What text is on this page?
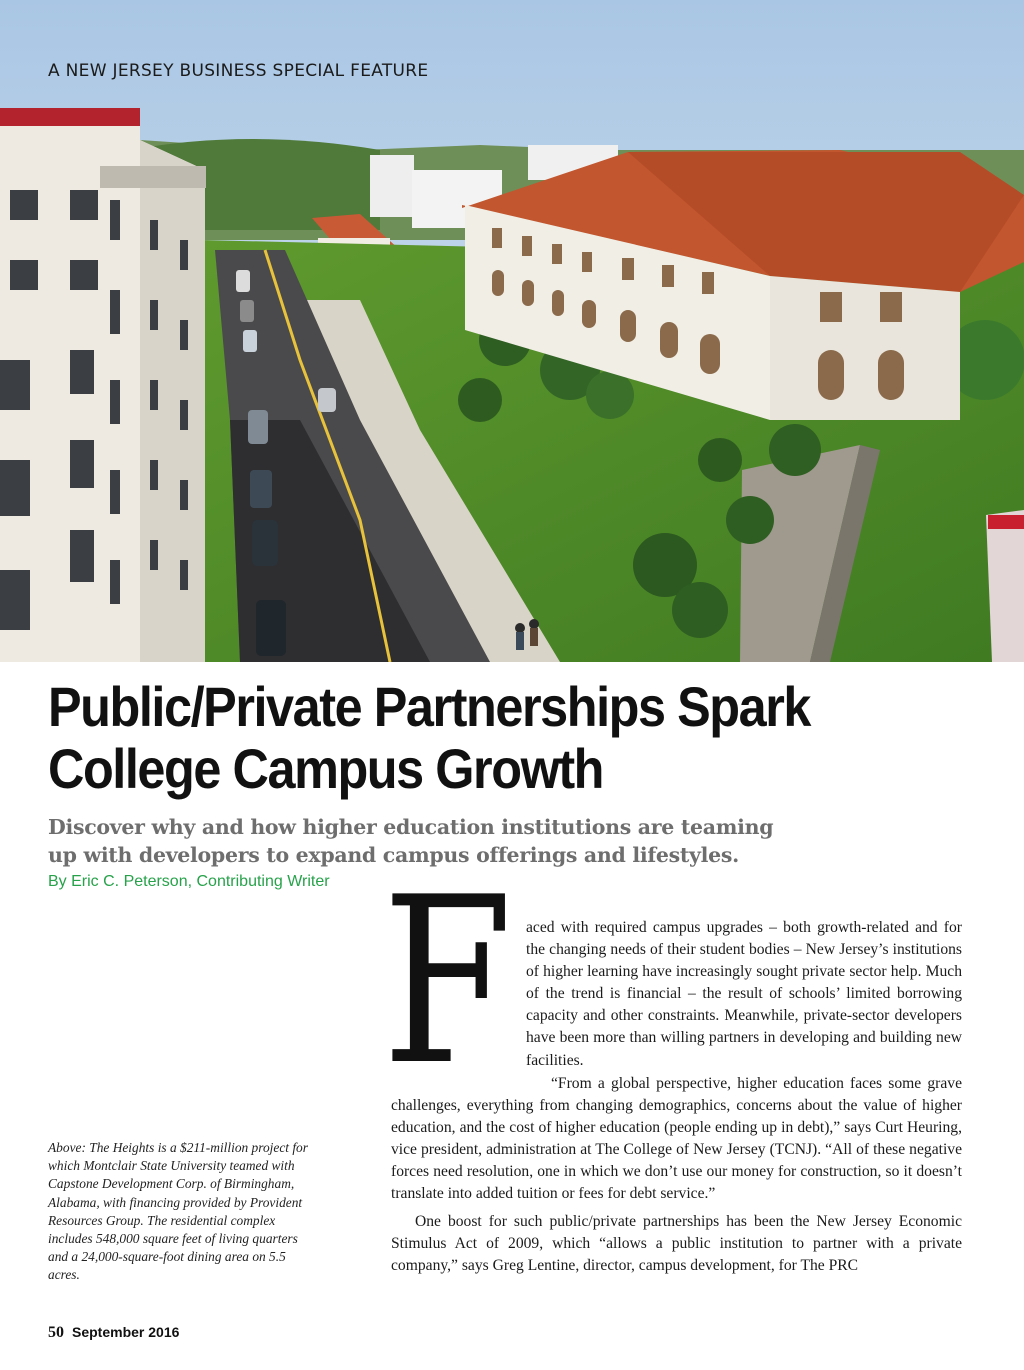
A NEW JERSEY BUSINESS SPECIAL FEATURE

Public/Private Partnerships Spark College Campus Growth

Discover why and how higher education institutions are teaming up with developers to expand campus offerings and lifestyles.

By Eric C. Peterson, Contributing Writer

Above: The Heights is a $211-million project for which Montclair State University teamed with Capstone Development Corp. of Birmingham, Alabama, with financing provided by Provident Resources Group. The residential complex includes 548,000 square feet of living quarters and a 24,000-square-foot dining area on 5.5 acres.

F aced with required campus upgrades – both growth-related and for the changing needs of their student bodies – New Jersey’s institutions of higher learning have increasingly sought private sector help. Much of the trend is financial – the result of schools’ limited borrowing capacity and other constraints. Meanwhile, private-sector developers have been more than willing partners in developing and building new facilities.

“From a global perspective, higher education faces some grave challenges, everything from changing demographics, concerns about the value of higher education, and the cost of higher education (people ending up in debt),” says Curt Heuring, vice president, administration at The College of New Jersey (TCNJ). “All of these negative forces need resolution, one in which we don’t use our money for construction, so it doesn’t translate into added tuition or fees for debt service.”

One boost for such public/private partnerships has been the New Jersey Economic Stimulus Act of 2009, which “allows a public institution to partner with a private company,” says Greg Lentine, director, campus development, for The PRC

50 September 2016
